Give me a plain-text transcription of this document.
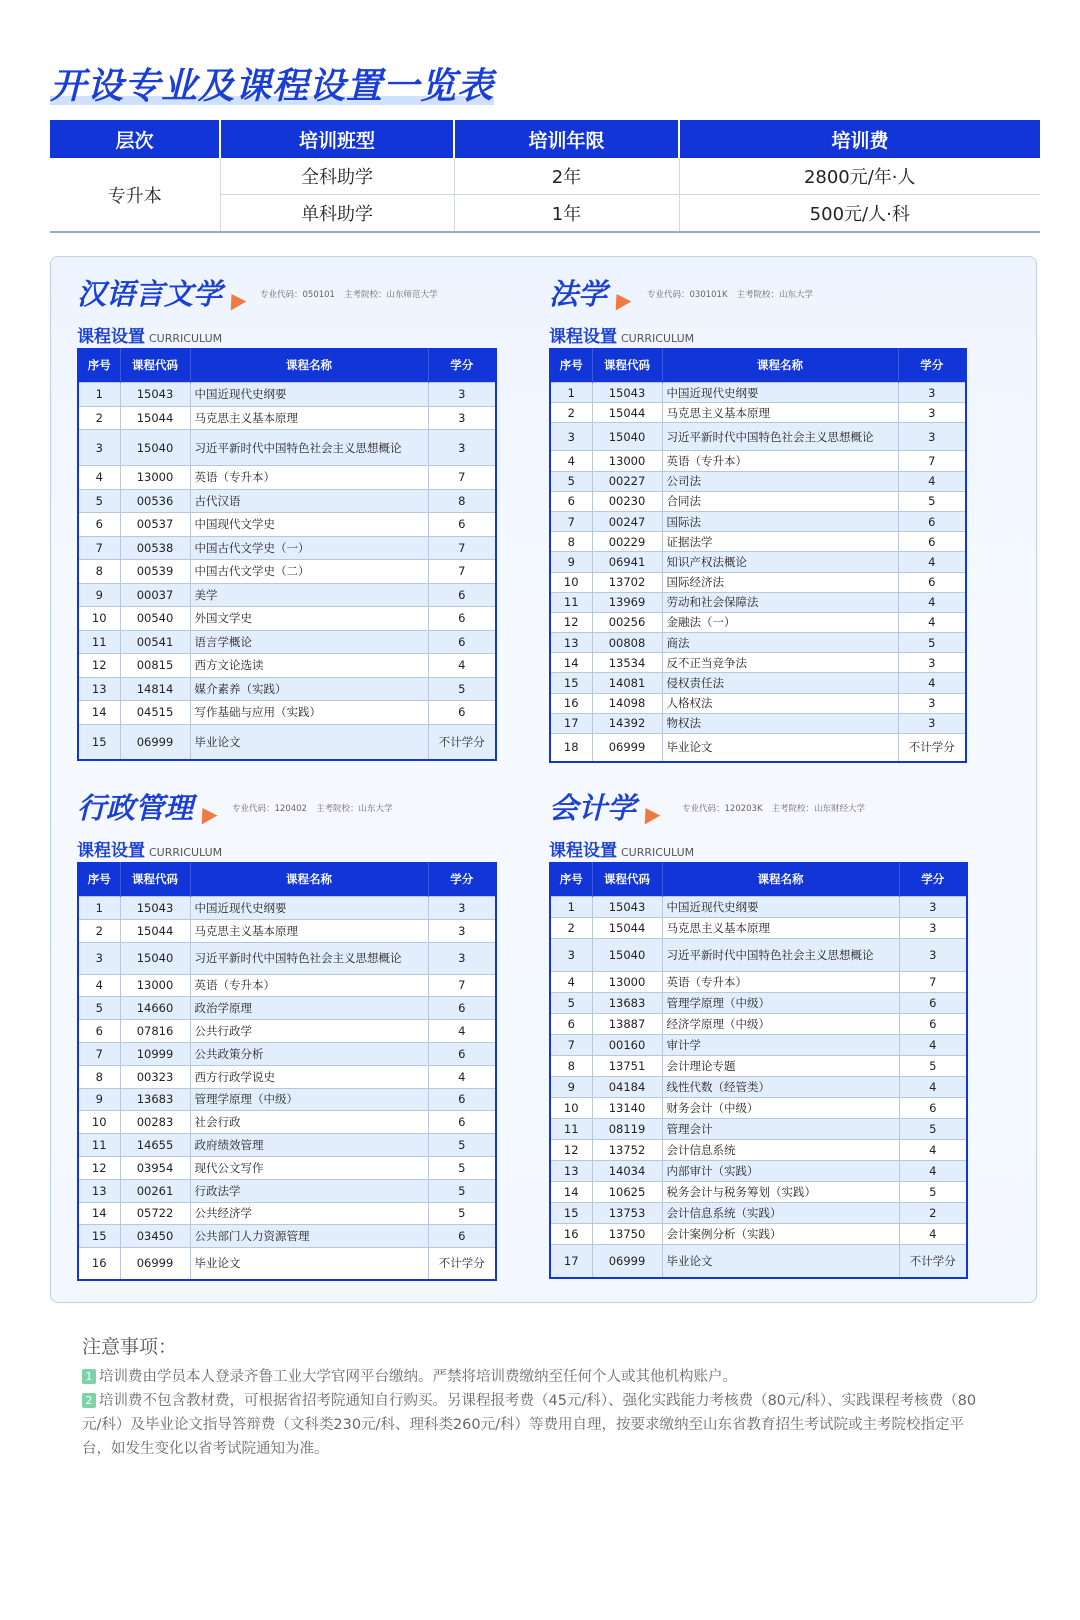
开设专业及课程设置一览表
层次	培训班型	培训年限	培训费
专升本	全科助学	2年	2800元/年·人
	单科助学	1年	500元/人·科
汉语言文学	专业代码：050101 主考院校：山东师范大学
课程设置 CURRICULUM
序号	课程代码	课程名称	学分
1	15043	中国近现代史纲要	3
2	15044	马克思主义基本原理	3
3	15040	习近平新时代中国特色社会主义思想概论	3
4	13000	英语（专升本）	7
5	00536	古代汉语	8
6	00537	中国现代文学史	6
7	00538	中国古代文学史（一）	7
8	00539	中国古代文学史（二）	7
9	00037	美学	6
10	00540	外国文学史	6
11	00541	语言学概论	6
12	00815	西方文论选读	4
13	14814	媒介素养（实践）	5
14	04515	写作基础与应用（实践）	6
15	06999	毕业论文	不计学分
法学	专业代码：030101K 主考院校：山东大学
课程设置 CURRICULUM
序号	课程代码	课程名称	学分
1	15043	中国近现代史纲要	3
2	15044	马克思主义基本原理	3
3	15040	习近平新时代中国特色社会主义思想概论	3
4	13000	英语（专升本）	7
5	00227	公司法	4
6	00230	合同法	5
7	00247	国际法	6
8	00229	证据法学	6
9	06941	知识产权法概论	4
10	13702	国际经济法	6
11	13969	劳动和社会保障法	4
12	00256	金融法（一）	4
13	00808	商法	5
14	13534	反不正当竞争法	3
15	14081	侵权责任法	4
16	14098	人格权法	3
17	14392	物权法	3
18	06999	毕业论文	不计学分
行政管理	专业代码：120402 主考院校：山东大学
课程设置 CURRICULUM
序号	课程代码	课程名称	学分
1	15043	中国近现代史纲要	3
2	15044	马克思主义基本原理	3
3	15040	习近平新时代中国特色社会主义思想概论	3
4	13000	英语（专升本）	7
5	14660	政治学原理	6
6	07816	公共行政学	4
7	10999	公共政策分析	6
8	00323	西方行政学说史	4
9	13683	管理学原理（中级）	6
10	00283	社会行政	6
11	14655	政府绩效管理	5
12	03954	现代公文写作	5
13	00261	行政法学	5
14	05722	公共经济学	5
15	03450	公共部门人力资源管理	6
16	06999	毕业论文	不计学分
会计学	专业代码：120203K 主考院校：山东财经大学
课程设置 CURRICULUM
序号	课程代码	课程名称	学分
1	15043	中国近现代史纲要	3
2	15044	马克思主义基本原理	3
3	15040	习近平新时代中国特色社会主义思想概论	3
4	13000	英语（专升本）	7
5	13683	管理学原理（中级）	6
6	13887	经济学原理（中级）	6
7	00160	审计学	4
8	13751	会计理论专题	5
9	04184	线性代数（经管类）	4
10	13140	财务会计（中级）	6
11	08119	管理会计	5
12	13752	会计信息系统	4
13	14034	内部审计（实践）	4
14	10625	税务会计与税务筹划（实践）	5
15	13753	会计信息系统（实践）	2
16	13750	会计案例分析（实践）	4
17	06999	毕业论文	不计学分
注意事项：
1 培训费由学员本人登录齐鲁工业大学官网平台缴纳。严禁将培训费缴纳至任何个人或其他机构账户。
2 培训费不包含教材费，可根据省招考院通知自行购买。另课程报考费（45元/科）、强化实践能力考核费（80元/科）、实践课程考核费（80元/科）及毕业论文指导答辩费（文科类230元/科、理科类260元/科）等费用自理，按要求缴纳至山东省教育招生考试院或主考院校指定平台，如发生变化以省考试院通知为准。
